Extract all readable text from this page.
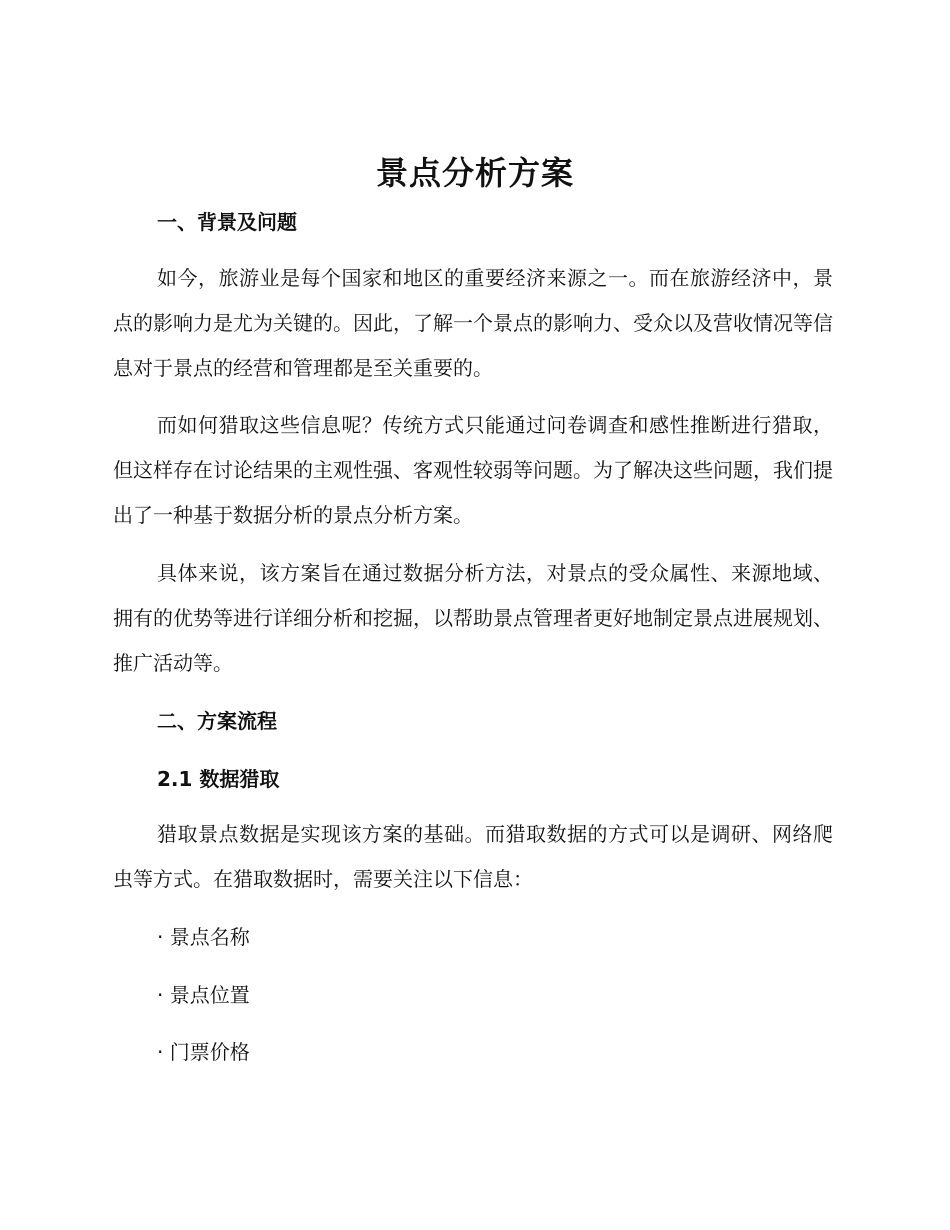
景点分析方案
一、背景及问题

如今，旅游业是每个国家和地区的重要经济来源之一。而在旅游经济中，景点的影响力是尤为关键的。因此，了解一个景点的影响力、受众以及营收情况等信息对于景点的经营和管理都是至关重要的。

而如何猎取这些信息呢？传统方式只能通过问卷调查和感性推断进行猎取，但这样存在讨论结果的主观性强、客观性较弱等问题。为了解决这些问题，我们提出了一种基于数据分析的景点分析方案。

具体来说，该方案旨在通过数据分析方法，对景点的受众属性、来源地域、拥有的优势等进行详细分析和挖掘，以帮助景点管理者更好地制定景点进展规划、推广活动等。

二、方案流程
2.1 数据猎取

猎取景点数据是实现该方案的基础。而猎取数据的方式可以是调研、网络爬虫等方式。在猎取数据时，需要关注以下信息：

· 景点名称

· 景点位置

· 门票价格
